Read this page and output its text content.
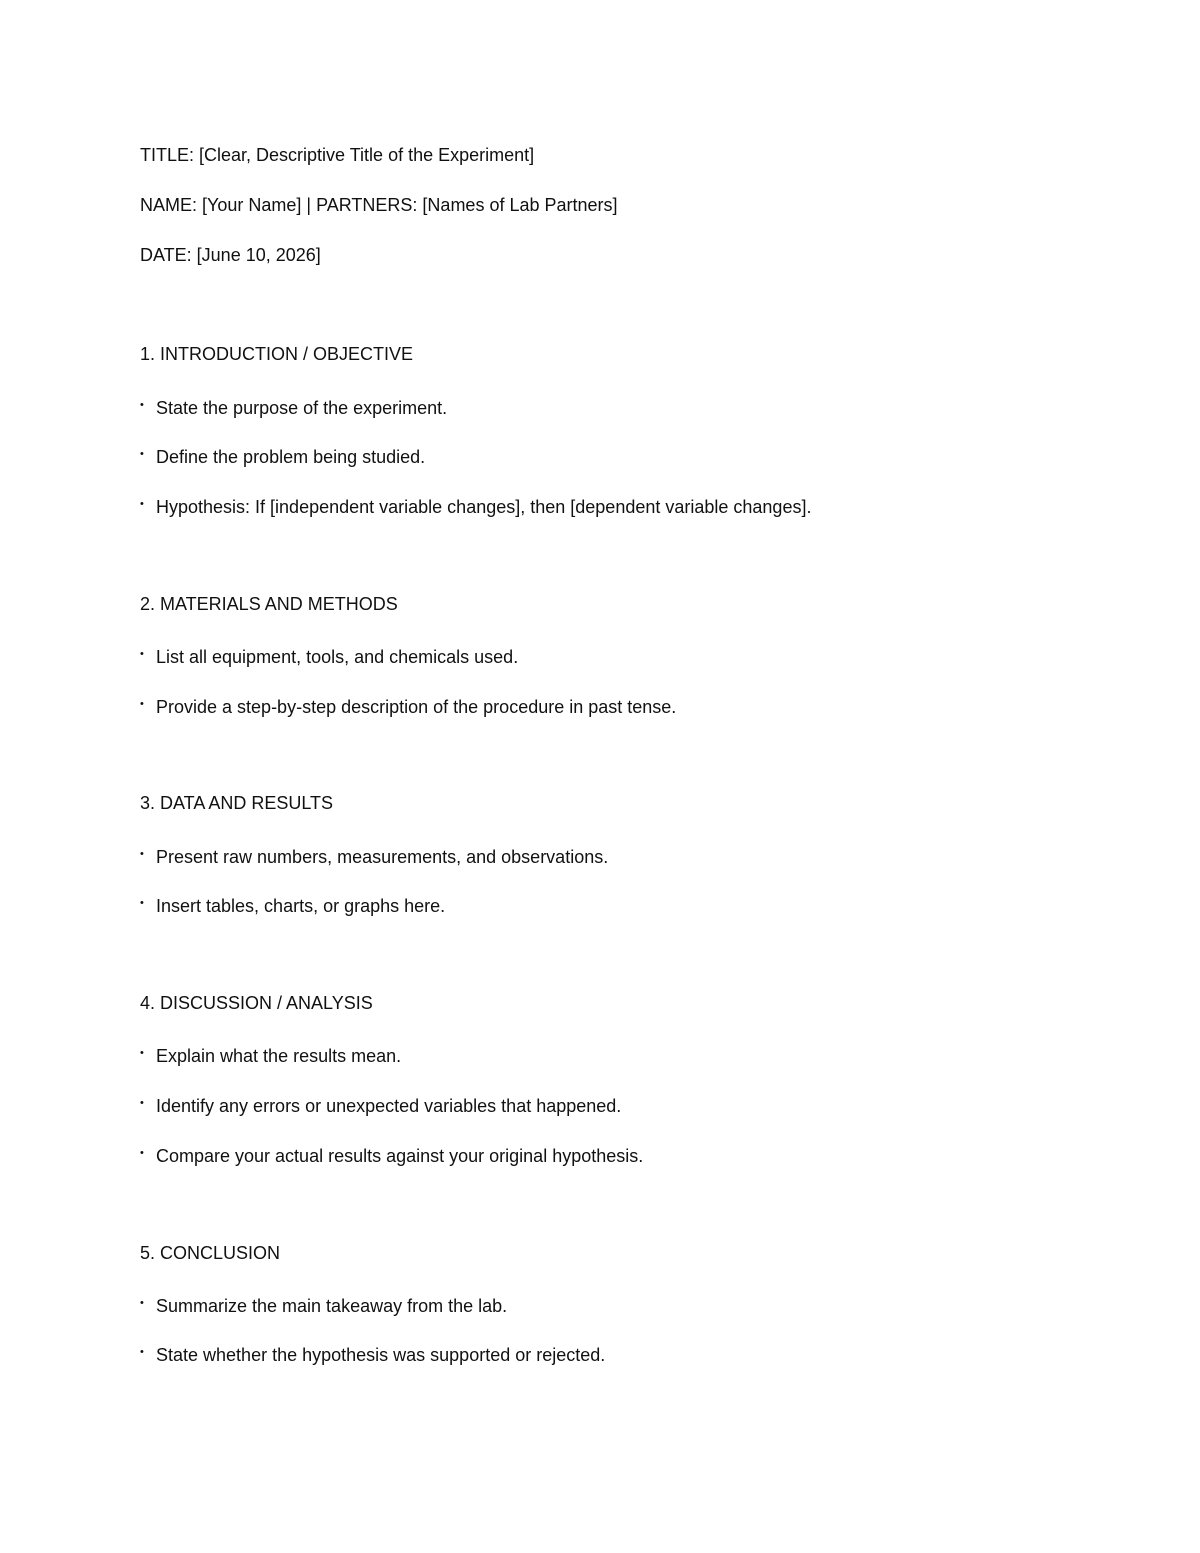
TITLE: [Clear, Descriptive Title of the Experiment]
NAME: [Your Name] | PARTNERS: [Names of Lab Partners]
DATE: [June 10, 2026]
1. INTRODUCTION / OBJECTIVE
• State the purpose of the experiment.
• Define the problem being studied.
• Hypothesis: If [independent variable changes], then [dependent variable changes].
2. MATERIALS AND METHODS
• List all equipment, tools, and chemicals used.
• Provide a step-by-step description of the procedure in past tense.
3. DATA AND RESULTS
• Present raw numbers, measurements, and observations.
• Insert tables, charts, or graphs here.
4. DISCUSSION / ANALYSIS
• Explain what the results mean.
• Identify any errors or unexpected variables that happened.
• Compare your actual results against your original hypothesis.
5. CONCLUSION
• Summarize the main takeaway from the lab.
• State whether the hypothesis was supported or rejected.
